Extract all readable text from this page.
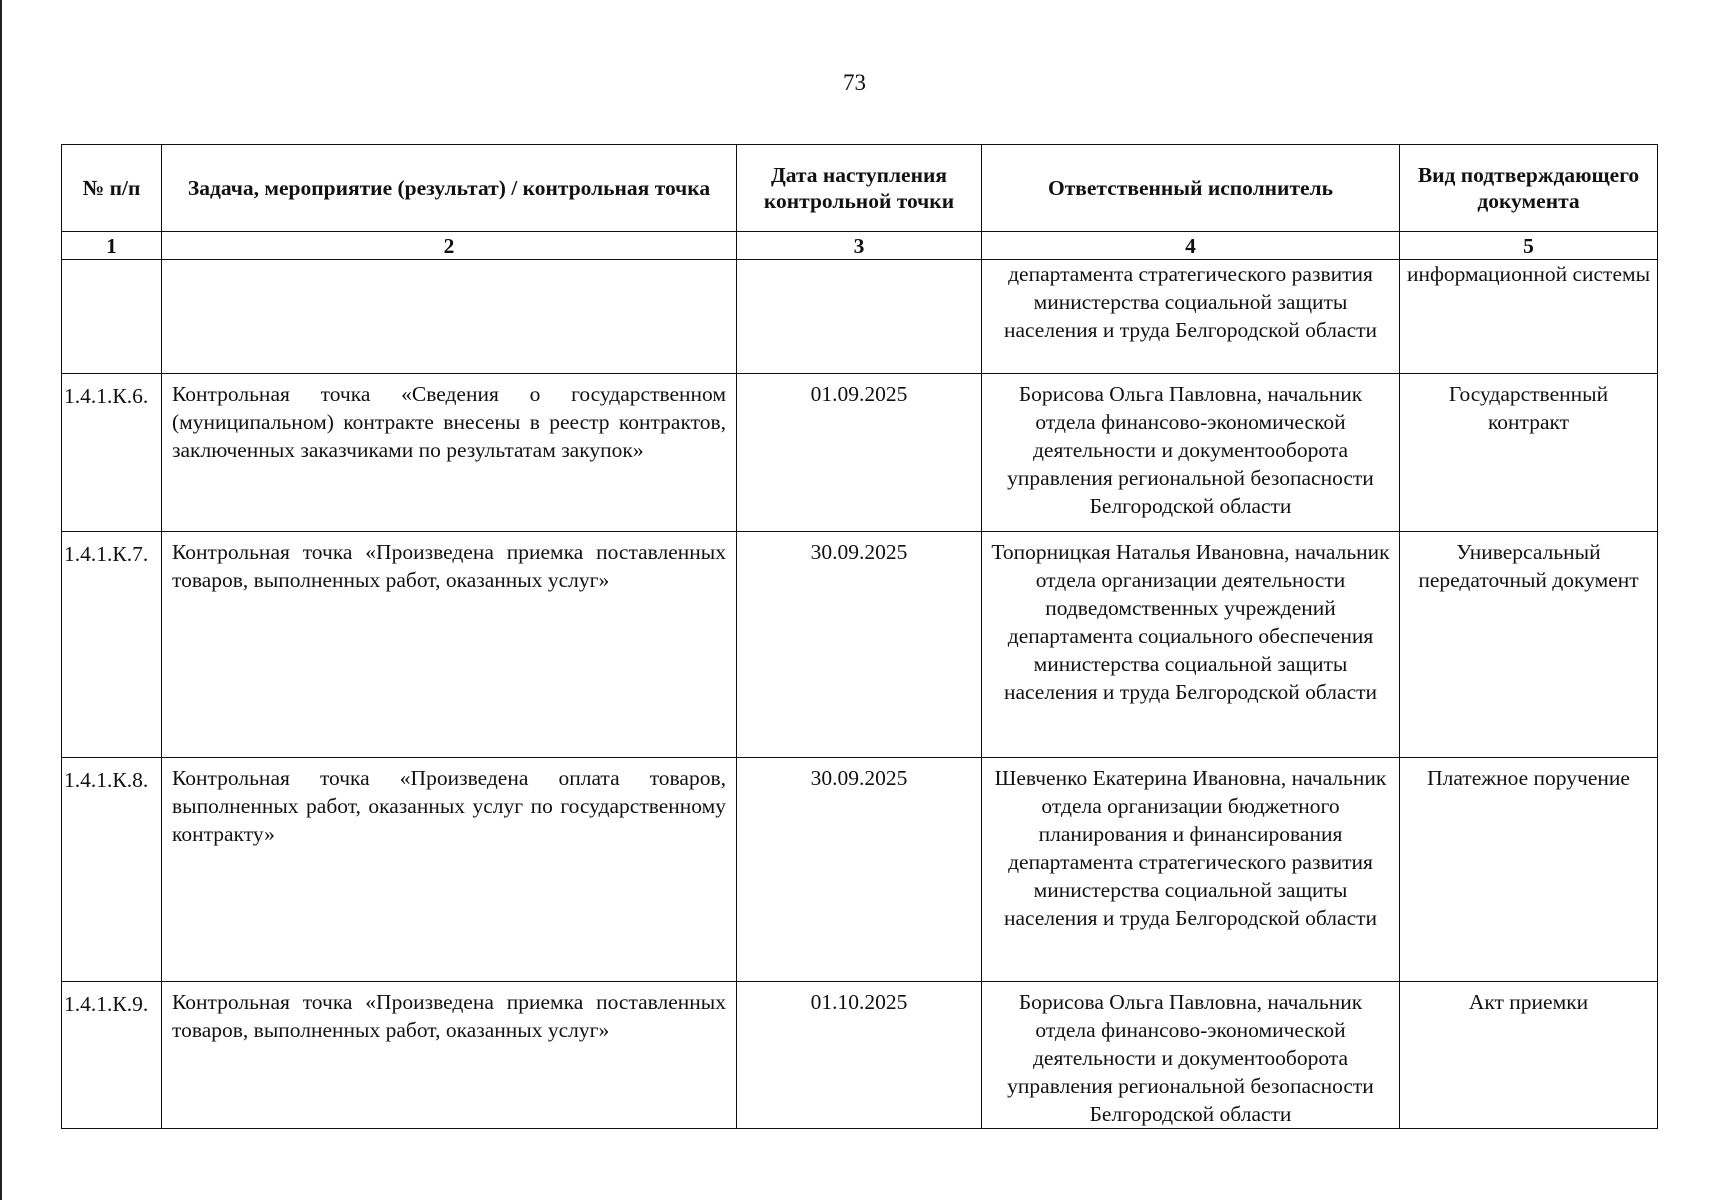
73
№ п/п	Задача, мероприятие (результат) / контрольная точка	Дата наступления контрольной точки	Ответственный исполнитель	Вид подтверждающего документа
1	2	3	4	5
			департамента стратегического развития министерства социальной защиты населения и труда Белгородской области	информационной системы
1.4.1.К.6.	Контрольная точка «Сведения о государственном (муниципальном) контракте внесены в реестр контрактов, заключенных заказчиками по результатам закупок»	01.09.2025	Борисова Ольга Павловна, начальник отдела финансово-экономической деятельности и документооборота управления региональной безопасности Белгородской области	Государственный контракт
1.4.1.К.7.	Контрольная точка «Произведена приемка поставленных товаров, выполненных работ, оказанных услуг»	30.09.2025	Топорницкая Наталья Ивановна, начальник отдела организации деятельности подведомственных учреждений департамента социального обеспечения министерства социальной защиты населения и труда Белгородской области	Универсальный передаточный документ
1.4.1.К.8.	Контрольная точка «Произведена оплата товаров, выполненных работ, оказанных услуг по государственному контракту»	30.09.2025	Шевченко Екатерина Ивановна, начальник отдела организации бюджетного планирования и финансирования департамента стратегического развития министерства социальной защиты населения и труда Белгородской области	Платежное поручение
1.4.1.К.9.	Контрольная точка «Произведена приемка поставленных товаров, выполненных работ, оказанных услуг»	01.10.2025	Борисова Ольга Павловна, начальник отдела финансово-экономической деятельности и документооборота управления региональной безопасности Белгородской области	Акт приемки
